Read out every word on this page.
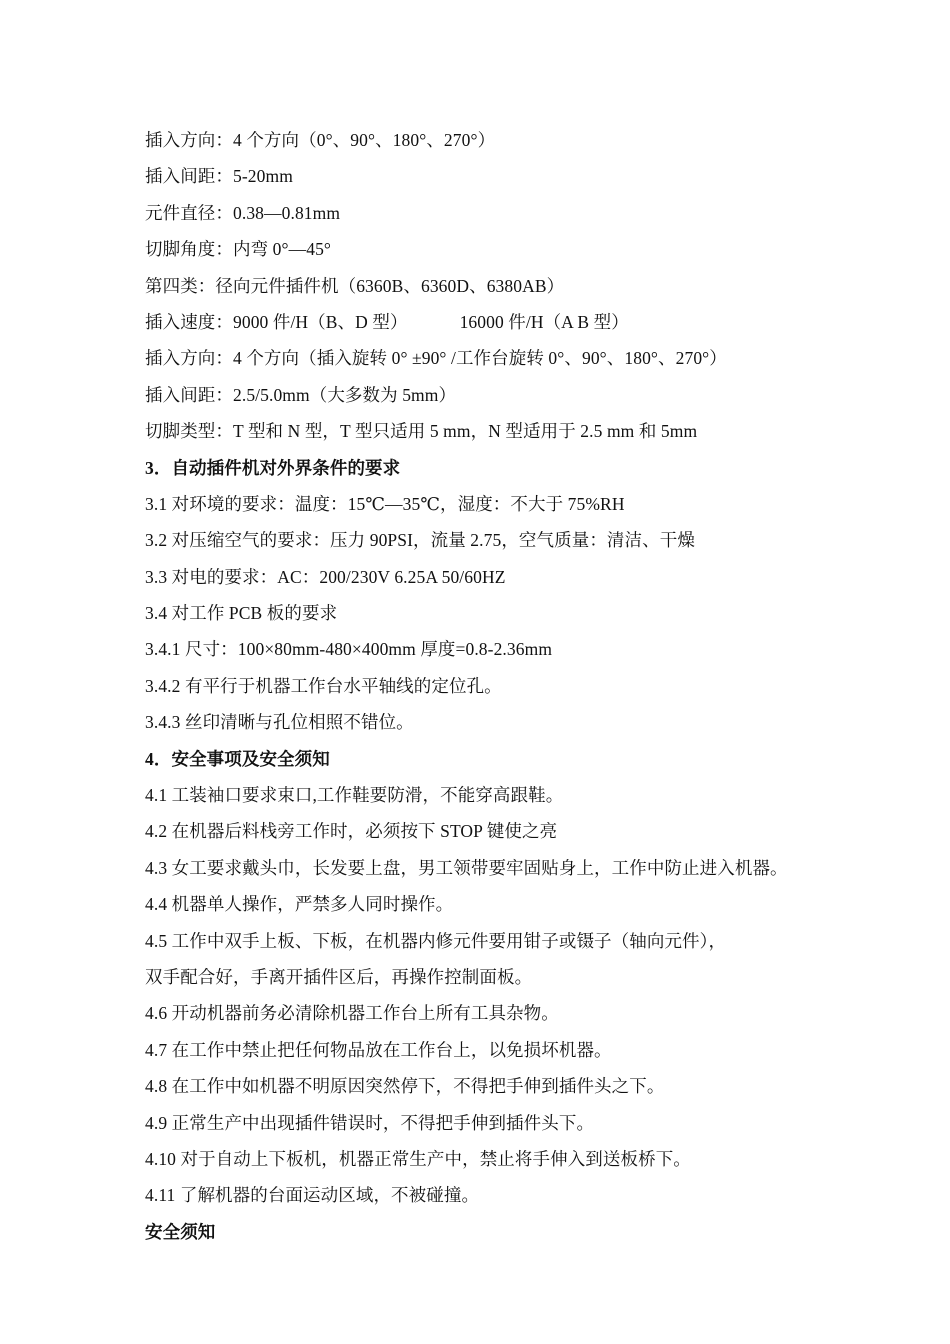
插入方向：4 个方向（0°、90°、180°、270°）
插入间距：5-20mm
元件直径：0.38—0.81mm
切脚角度：内弯 0°—45°
第四类：径向元件插件机（6360B、6360D、6380AB）
插入速度：9000 件/H（B、D 型）	16000 件/H（A B 型）
插入方向：4 个方向（插入旋转 0° ±90° /工作台旋转 0°、90°、180°、270°）
插入间距：2.5/5.0mm（大多数为 5mm）
切脚类型：T 型和 N 型，T 型只适用 5 mm，N 型适用于 2.5 mm 和 5mm
3．自动插件机对外界条件的要求
3.1 对环境的要求：温度：15℃—35℃，湿度：不大于 75%RH
3.2 对压缩空气的要求：压力 90PSI，流量 2.75，空气质量：清洁、干燥
3.3 对电的要求：AC：200/230V 6.25A 50/60HZ
3.4 对工作 PCB 板的要求
3.4.1 尺寸：100×80mm-480×400mm 厚度=0.8-2.36mm
3.4.2 有平行于机器工作台水平轴线的定位孔。
3.4.3 丝印清晰与孔位相照不错位。
4．安全事项及安全须知
4.1 工装袖口要求束口,工作鞋要防滑，不能穿高跟鞋。
4.2 在机器后料栈旁工作时，必须按下 STOP 键使之亮
4.3 女工要求戴头巾，长发要上盘，男工领带要牢固贴身上，工作中防止进入机器。
4.4 机器单人操作，严禁多人同时操作。
4.5 工作中双手上板、下板，在机器内修元件要用钳子或镊子（轴向元件），
双手配合好，手离开插件区后，再操作控制面板。
4.6 开动机器前务必清除机器工作台上所有工具杂物。
4.7 在工作中禁止把任何物品放在工作台上，以免损坏机器。
4.8 在工作中如机器不明原因突然停下，不得把手伸到插件头之下。
4.9 正常生产中出现插件错误时，不得把手伸到插件头下。
4.10 对于自动上下板机，机器正常生产中，禁止将手伸入到送板桥下。
4.11 了解机器的台面运动区域，不被碰撞。
安全须知
